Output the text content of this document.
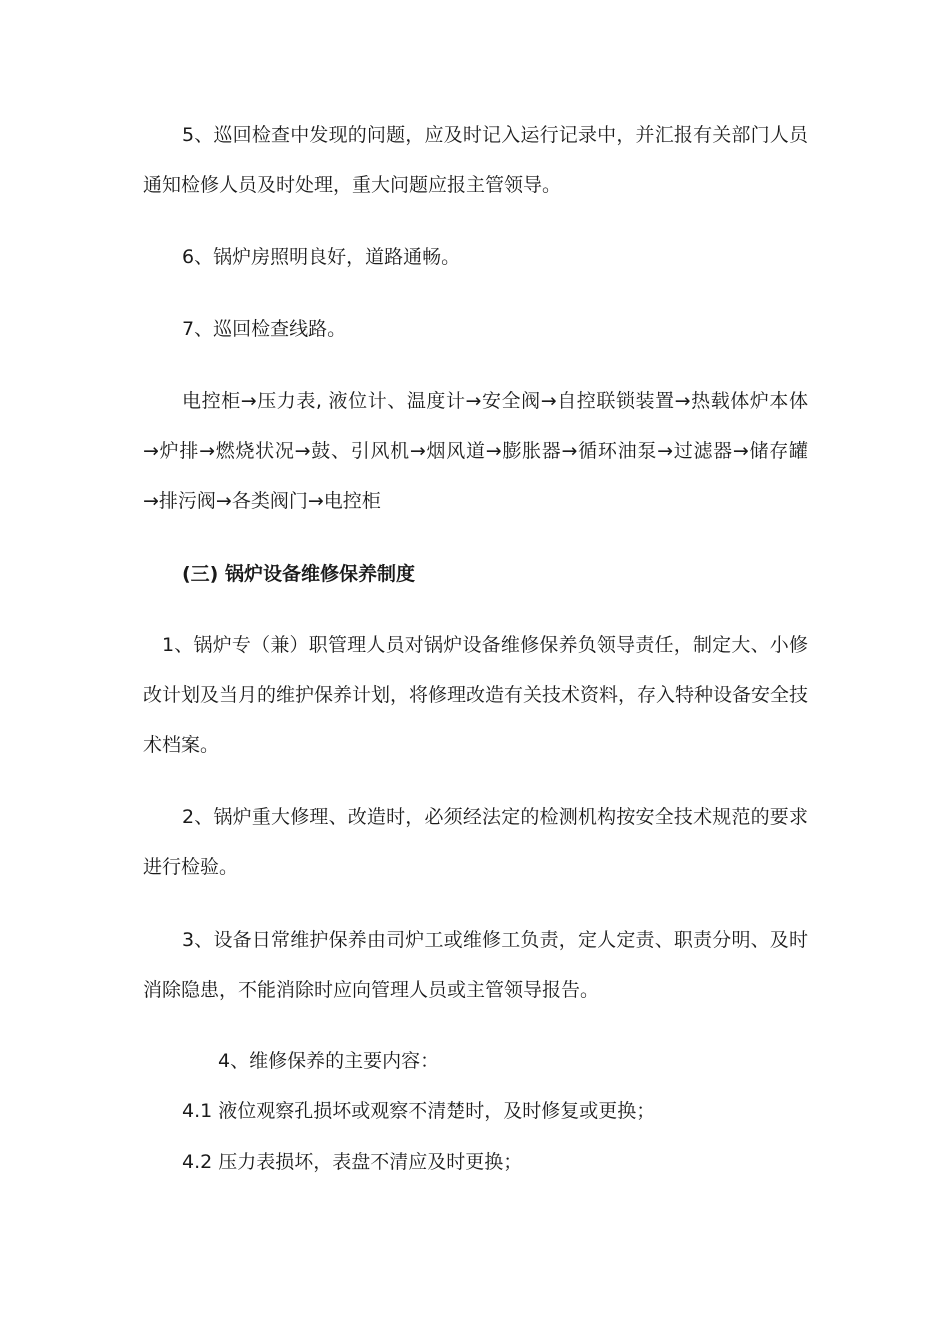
5、巡回检查中发现的问题，应及时记入运行记录中，并汇报有关部门人员
通知检修人员及时处理，重大问题应报主管领导。
6、锅炉房照明良好，道路通畅。
7、巡回检查线路。
电控柜→压力表, 液位计、温度计→安全阀→自控联锁装置→热载体炉本体
→炉排→燃烧状况→鼓、引风机→烟风道→膨胀器→循环油泵→过滤器→储存罐
→排污阀→各类阀门→电控柜
(三) 锅炉设备维修保养制度
1、锅炉专（兼）职管理人员对锅炉设备维修保养负领导责任，制定大、小修
改计划及当月的维护保养计划，将修理改造有关技术资料，存入特种设备安全技
术档案。
2、锅炉重大修理、改造时，必须经法定的检测机构按安全技术规范的要求
进行检验。
3、设备日常维护保养由司炉工或维修工负责，定人定责、职责分明、及时
消除隐患，不能消除时应向管理人员或主管领导报告。
4、维修保养的主要内容：
4.1 液位观察孔损坏或观察不清楚时，及时修复或更换；
4.2 压力表损坏，表盘不清应及时更换；
